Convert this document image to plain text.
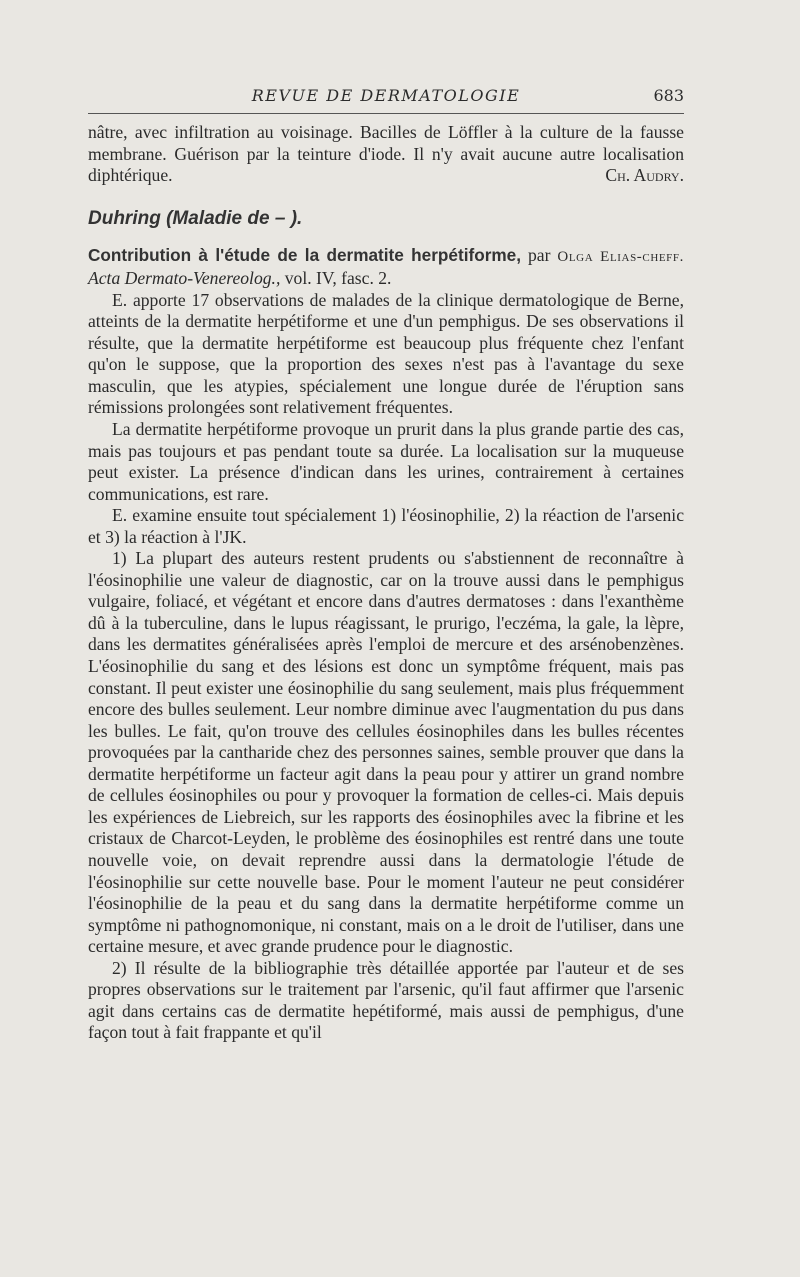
REVUE DE DERMATOLOGIE	683

nâtre, avec infiltration au voisinage. Bacilles de Löffler à la culture de la fausse membrane. Guérison par la teinture d'iode. Il n'y avait aucune autre localisation diphtérique.	Ch. Audry.

Duhring (Maladie de – ).

Contribution à l'étude de la dermatite herpétiforme, par Olga Elias-cheff. Acta Dermato-Venereolog., vol. IV, fasc. 2.

E. apporte 17 observations de malades de la clinique dermatologique de Berne, atteints de la dermatite herpétiforme et une d'un pemphigus. De ses observations il résulte, que la dermatite herpétiforme est beaucoup plus fréquente chez l'enfant qu'on le suppose, que la proportion des sexes n'est pas à l'avantage du sexe masculin, que les atypies, spécialement une longue durée de l'éruption sans rémissions prolongées sont relativement fréquentes.

La dermatite herpétiforme provoque un prurit dans la plus grande partie des cas, mais pas toujours et pas pendant toute sa durée. La localisation sur la muqueuse peut exister. La présence d'indican dans les urines, contrairement à certaines communications, est rare.

E. examine ensuite tout spécialement 1) l'éosinophilie, 2) la réaction de l'arsenic et 3) la réaction à l'JK.

1) La plupart des auteurs restent prudents ou s'abstiennent de reconnaître à l'éosinophilie une valeur de diagnostic, car on la trouve aussi dans le pemphigus vulgaire, foliacé, et végétant et encore dans d'autres dermatoses : dans l'exanthème dû à la tuberculine, dans le lupus réagissant, le prurigo, l'eczéma, la gale, la lèpre, dans les dermatites généralisées après l'emploi de mercure et des arsénobenzènes. L'éosinophilie du sang et des lésions est donc un symptôme fréquent, mais pas constant. Il peut exister une éosinophilie du sang seulement, mais plus fréquemment encore des bulles seulement. Leur nombre diminue avec l'augmentation du pus dans les bulles. Le fait, qu'on trouve des cellules éosinophiles dans les bulles récentes provoquées par la cantharide chez des personnes saines, semble prouver que dans la dermatite herpétiforme un facteur agit dans la peau pour y attirer un grand nombre de cellules éosinophiles ou pour y provoquer la formation de celles-ci. Mais depuis les expériences de Liebreich, sur les rapports des éosinophiles avec la fibrine et les cristaux de Charcot-Leyden, le problème des éosinophiles est rentré dans une toute nouvelle voie, on devait reprendre aussi dans la dermatologie l'étude de l'éosinophilie sur cette nouvelle base. Pour le moment l'auteur ne peut considérer l'éosinophilie de la peau et du sang dans la dermatite herpétiforme comme un symptôme ni pathognomonique, ni constant, mais on a le droit de l'utiliser, dans une certaine mesure, et avec grande prudence pour le diagnostic.

2) Il résulte de la bibliographie très détaillée apportée par l'auteur et de ses propres observations sur le traitement par l'arsenic, qu'il faut affirmer que l'arsenic agit dans certains cas de dermatite hepétiformé, mais aussi de pemphigus, d'une façon tout à fait frappante et qu'il
